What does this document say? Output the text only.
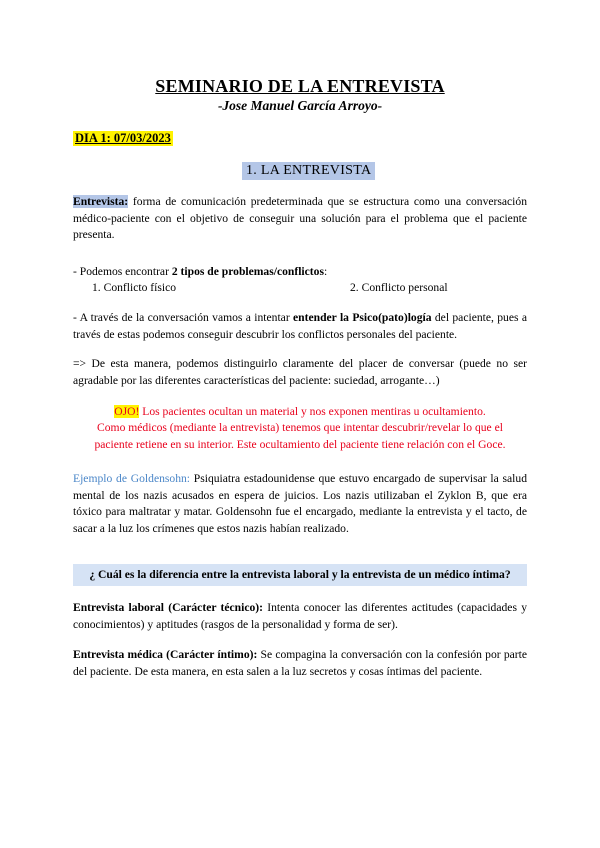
SEMINARIO DE LA ENTREVISTA
-Jose Manuel García Arroyo-
DIA 1: 07/03/2023
1. LA ENTREVISTA
Entrevista: forma de comunicación predeterminada que se estructura como una conversación médico-paciente con el objetivo de conseguir una solución para el problema que el paciente presenta.
- Podemos encontrar 2 tipos de problemas/conflictos:
1. Conflicto físico	2. Conflicto personal
- A través de la conversación vamos a intentar entender la Psico(pato)logía del paciente, pues a través de estas podemos conseguir descubrir los conflictos personales del paciente.
=> De esta manera, podemos distinguirlo claramente del placer de conversar (puede no ser agradable por las diferentes características del paciente: suciedad, arrogante…)
OJO! Los pacientes ocultan un material y nos exponen mentiras u ocultamiento.
Como médicos (mediante la entrevista) tenemos que intentar descubrir/revelar lo que el paciente retiene en su interior. Este ocultamiento del paciente tiene relación con el Goce.
Ejemplo de Goldensohn: Psiquiatra estadounidense que estuvo encargado de supervisar la salud mental de los nazis acusados en espera de juicios. Los nazis utilizaban el Zyklon B, que era tóxico para maltratar y matar. Goldensohn fue el encargado, mediante la entrevista y el tacto, de sacar a la luz los crímenes que estos nazis habían realizado.
¿ Cuál es la diferencia entre la entrevista laboral y la entrevista de un médico íntima?
Entrevista laboral (Carácter técnico): Intenta conocer las diferentes actitudes (capacidades y conocimientos) y aptitudes (rasgos de la personalidad y forma de ser).
Entrevista médica (Carácter íntimo): Se compagina la conversación con la confesión por parte del paciente. De esta manera, en esta salen a la luz secretos y cosas íntimas del paciente.
